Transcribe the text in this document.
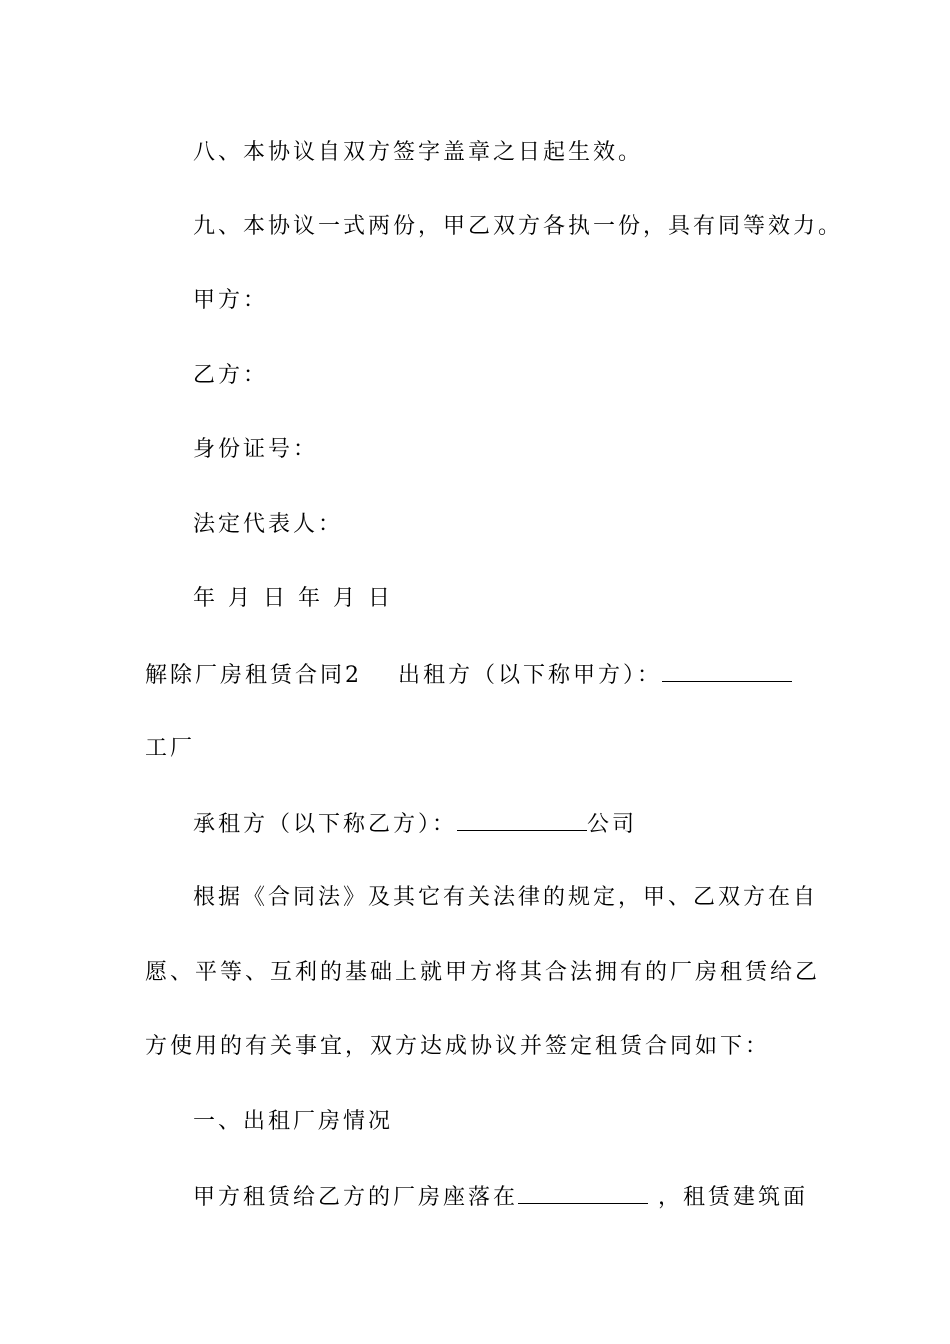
八、本协议自双方签字盖章之日起生效。
九、本协议一式两份，甲乙双方各执一份，具有同等效力。
甲方：
乙方：
身份证号：
法定代表人：
年 月 日 年 月 日
解除厂房租赁合同2 出租方（以下称甲方）：
工厂
承租方（以下称乙方）：	公司
根据《合同法》及其它有关法律的规定，甲、乙双方在自
愿、平等、互利的基础上就甲方将其合法拥有的厂房租赁给乙
方使用的有关事宜，双方达成协议并签定租赁合同如下：
一、出租厂房情况
甲方租赁给乙方的厂房座落在	，租赁建筑面
